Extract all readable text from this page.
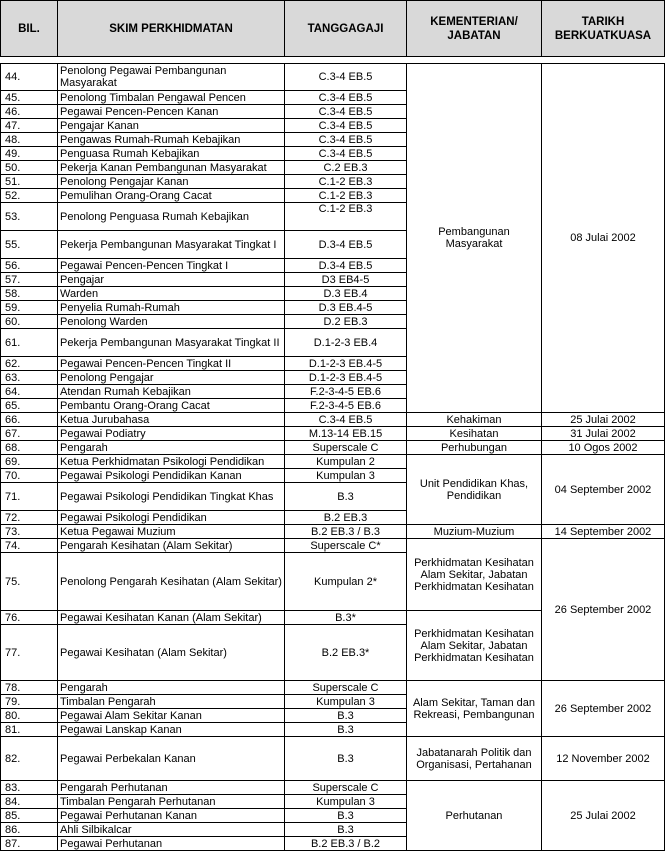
BIL.	SKIM PERKHIDMATAN	TANGGAGAJI	KEMENTERIAN/ JABATAN	TARIKH BERKUATKUASA

44.	Penolong Pegawai Pembangunan Masyarakat	C.3-4 EB.5	Pembangunan Masyarakat	08 Julai 2002
45.	Penolong Timbalan Pengawal Pencen	C.3-4 EB.5		
46.	Pegawai Pencen-Pencen Kanan	C.3-4 EB.5		
47.	Pengajar Kanan	C.3-4 EB.5		
48.	Pengawas Rumah-Rumah Kebajikan	C.3-4 EB.5		
49.	Penguasa Rumah Kebajikan	C.3-4 EB.5		
50.	Pekerja Kanan Pembangunan Masyarakat	C.2 EB.3		
51.	Penolong Pengajar Kanan	C.1-2 EB.3		
52.	Pemulihan Orang-Orang Cacat	C.1-2 EB.3		
53.	Penolong Penguasa Rumah Kebajikan	C.1-2 EB.3		
55.	Pekerja Pembangunan Masyarakat Tingkat I	D.3-4 EB.5		
56.	Pegawai Pencen-Pencen Tingkat I	D.3-4 EB.5		
57.	Pengajar	D3 EB4-5		
58.	Warden	D.3 EB.4		
59.	Penyelia Rumah-Rumah	D.3 EB.4-5		
60.	Penolong Warden	D.2 EB.3		
61.	Pekerja Pembangunan Masyarakat Tingkat II	D.1-2-3 EB.4		
62.	Pegawai Pencen-Pencen Tingkat II	D.1-2-3 EB.4-5		
63.	Penolong Pengajar	D.1-2-3 EB.4-5		
64.	Atendan Rumah Kebajikan	F.2-3-4-5 EB.6		
65.	Pembantu Orang-Orang Cacat	F.2-3-4-5 EB.6		
66.	Ketua Jurubahasa	C.3-4 EB.5	Kehakiman	25 Julai 2002
67.	Pegawai Podiatry	M.13-14 EB.15	Kesihatan	31 Julai 2002
68.	Pengarah	Superscale C	Perhubungan	10 Ogos 2002
69.	Ketua Perkhidmatan Psikologi Pendidikan	Kumpulan 2	Unit Pendidikan Khas, Pendidikan	04 September 2002
70.	Pegawai Psikologi Pendidikan Kanan	Kumpulan 3		
71.	Pegawai Psikologi Pendidikan Tingkat Khas	B.3		
72.	Pegawai Psikologi Pendidikan	B.2 EB.3		
73.	Ketua Pegawai Muzium	B.2 EB.3 / B.3	Muzium-Muzium	14 September 2002
74.	Pengarah Kesihatan (Alam Sekitar)	Superscale C*	Perkhidmatan Kesihatan Alam Sekitar, Jabatan Perkhidmatan Kesihatan	26 September 2002
75.	Penolong Pengarah Kesihatan (Alam Sekitar)	Kumpulan 2*		
76.	Pegawai Kesihatan Kanan (Alam Sekitar)	B.3*	Perkhidmatan Kesihatan Alam Sekitar, Jabatan Perkhidmatan Kesihatan	
77.	Pegawai Kesihatan (Alam Sekitar)	B.2 EB.3*		
78.	Pengarah	Superscale C	Alam Sekitar, Taman dan Rekreasi, Pembangunan	26 September 2002
79.	Timbalan Pengarah	Kumpulan 3		
80.	Pegawai Alam Sekitar Kanan	B.3		
81.	Pegawai Lanskap Kanan	B.3		
82.	Pegawai Perbekalan Kanan	B.3	Jabatanarah Politik dan Organisasi, Pertahanan	12 November 2002
83.	Pengarah Perhutanan	Superscale C	Perhutanan	25 Julai 2002
84.	Timbalan Pengarah Perhutanan	Kumpulan 3		
85.	Pegawai Perhutanan Kanan	B.3		
86.	Ahli Silbikalcar	B.3		
87.	Pegawai Perhutanan	B.2 EB.3 / B.2		
